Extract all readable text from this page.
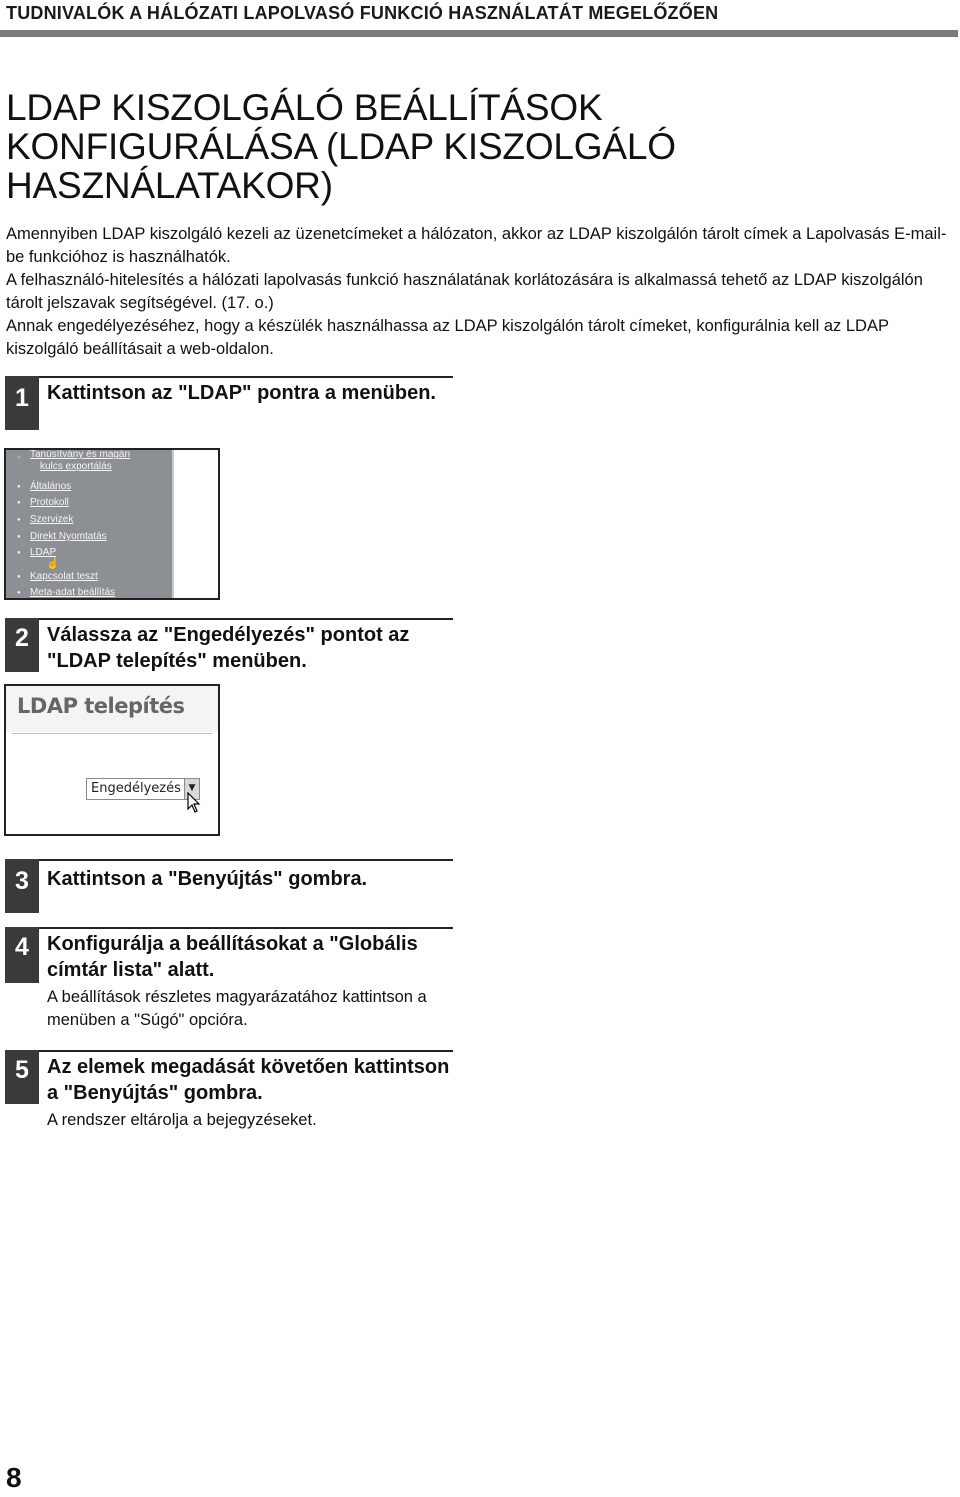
TUDNIVALÓK A HÁLÓZATI LAPOLVASÓ FUNKCIÓ HASZNÁLATÁT MEGELŐZŐEN
LDAP KISZOLGÁLÓ BEÁLLÍTÁSOK
KONFIGURÁLÁSA (LDAP KISZOLGÁLÓ
HASZNÁLATAKOR)

Amennyiben LDAP kiszolgáló kezeli az üzenetcímeket a hálózaton, akkor az LDAP kiszolgálón tárolt címek a Lapolvasás E-mail-be funkcióhoz is használhatók.

A felhasználó-hitelesítés a hálózati lapolvasás funkció használatának korlátozására is alkalmassá tehető az LDAP kiszolgálón tárolt jelszavak segítségével. (17. o.)

Annak engedélyezéséhez, hogy a készülék használhassa az LDAP kiszolgálón tárolt címeket, konfigurálnia kell az LDAP kiszolgáló beállításait a web-oldalon.

1 Kattintson az "LDAP" pontra a menüben.
○ Tanúsítvány és magán
kulcs exportálás
● Általános
● Protokoll
● Szervizek
● Direkt Nyomtatás
● LDAP
☝
● Kapcsolat teszt
● Meta-adat beállítás
2 Válassza az "Engedélyezés" pontot az "LDAP telepítés" menüben.
LDAP telepítés
Engedélyezés ▼
3 Kattintson a "Benyújtás" gombra.
4 Konfigurálja a beállításokat a "Globális címtár lista" alatt.
A beállítások részletes magyarázatához kattintson a menüben a "Súgó" opcióra.
5 Az elemek megadását követően kattintson a "Benyújtás" gombra.
A rendszer eltárolja a bejegyzéseket.
8
